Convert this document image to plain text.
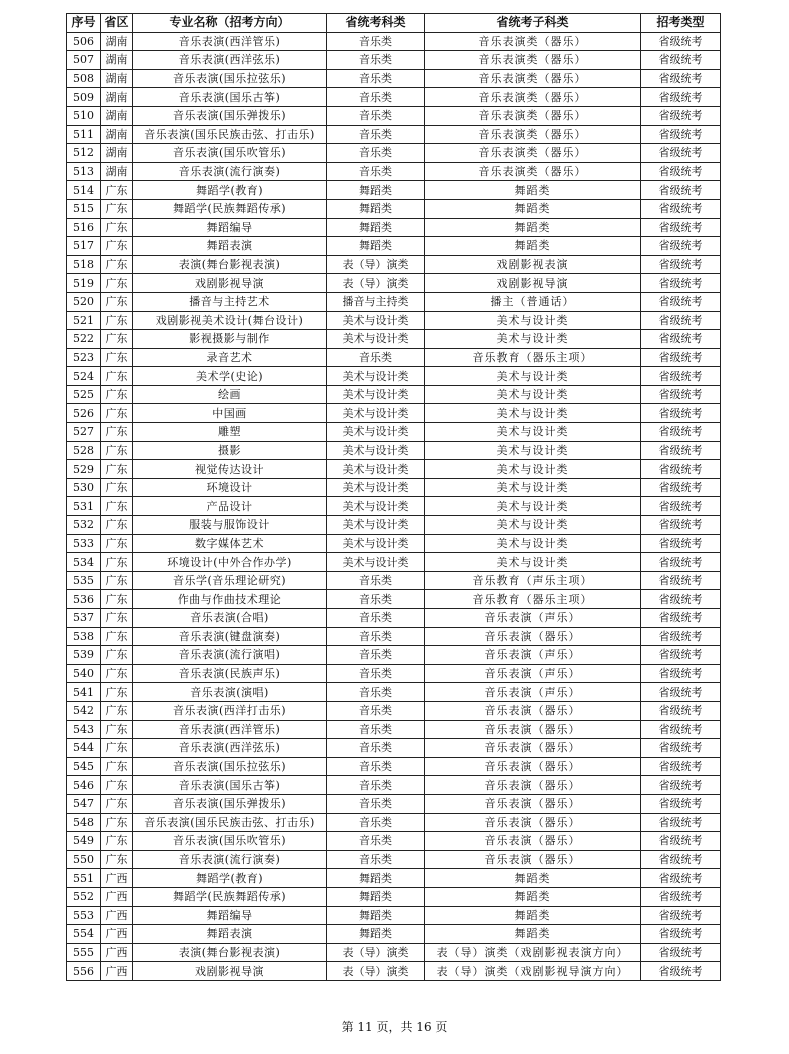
序号	省区	专业名称（招考方向）	省统考科类	省统考子科类	招考类型
506	湖南	音乐表演(西洋管乐)	音乐类	音乐表演类（器乐）	省级统考
507	湖南	音乐表演(西洋弦乐)	音乐类	音乐表演类（器乐）	省级统考
508	湖南	音乐表演(国乐拉弦乐)	音乐类	音乐表演类（器乐）	省级统考
509	湖南	音乐表演(国乐古筝)	音乐类	音乐表演类（器乐）	省级统考
510	湖南	音乐表演(国乐弹拨乐)	音乐类	音乐表演类（器乐）	省级统考
511	湖南	音乐表演(国乐民族击弦、打击乐)	音乐类	音乐表演类（器乐）	省级统考
512	湖南	音乐表演(国乐吹管乐)	音乐类	音乐表演类（器乐）	省级统考
513	湖南	音乐表演(流行演奏)	音乐类	音乐表演类（器乐）	省级统考
514	广东	舞蹈学(教育)	舞蹈类	舞蹈类	省级统考
515	广东	舞蹈学(民族舞蹈传承)	舞蹈类	舞蹈类	省级统考
516	广东	舞蹈编导	舞蹈类	舞蹈类	省级统考
517	广东	舞蹈表演	舞蹈类	舞蹈类	省级统考
518	广东	表演(舞台影视表演)	表（导）演类	戏剧影视表演	省级统考
519	广东	戏剧影视导演	表（导）演类	戏剧影视导演	省级统考
520	广东	播音与主持艺术	播音与主持类	播主（普通话）	省级统考
521	广东	戏剧影视美术设计(舞台设计)	美术与设计类	美术与设计类	省级统考
522	广东	影视摄影与制作	美术与设计类	美术与设计类	省级统考
523	广东	录音艺术	音乐类	音乐教育（器乐主项）	省级统考
524	广东	美术学(史论)	美术与设计类	美术与设计类	省级统考
525	广东	绘画	美术与设计类	美术与设计类	省级统考
526	广东	中国画	美术与设计类	美术与设计类	省级统考
527	广东	雕塑	美术与设计类	美术与设计类	省级统考
528	广东	摄影	美术与设计类	美术与设计类	省级统考
529	广东	视觉传达设计	美术与设计类	美术与设计类	省级统考
530	广东	环境设计	美术与设计类	美术与设计类	省级统考
531	广东	产品设计	美术与设计类	美术与设计类	省级统考
532	广东	服装与服饰设计	美术与设计类	美术与设计类	省级统考
533	广东	数字媒体艺术	美术与设计类	美术与设计类	省级统考
534	广东	环境设计(中外合作办学)	美术与设计类	美术与设计类	省级统考
535	广东	音乐学(音乐理论研究)	音乐类	音乐教育（声乐主项）	省级统考
536	广东	作曲与作曲技术理论	音乐类	音乐教育（器乐主项）	省级统考
537	广东	音乐表演(合唱)	音乐类	音乐表演（声乐）	省级统考
538	广东	音乐表演(键盘演奏)	音乐类	音乐表演（器乐）	省级统考
539	广东	音乐表演(流行演唱)	音乐类	音乐表演（声乐）	省级统考
540	广东	音乐表演(民族声乐)	音乐类	音乐表演（声乐）	省级统考
541	广东	音乐表演(演唱)	音乐类	音乐表演（声乐）	省级统考
542	广东	音乐表演(西洋打击乐)	音乐类	音乐表演（器乐）	省级统考
543	广东	音乐表演(西洋管乐)	音乐类	音乐表演（器乐）	省级统考
544	广东	音乐表演(西洋弦乐)	音乐类	音乐表演（器乐）	省级统考
545	广东	音乐表演(国乐拉弦乐)	音乐类	音乐表演（器乐）	省级统考
546	广东	音乐表演(国乐古筝)	音乐类	音乐表演（器乐）	省级统考
547	广东	音乐表演(国乐弹拨乐)	音乐类	音乐表演（器乐）	省级统考
548	广东	音乐表演(国乐民族击弦、打击乐)	音乐类	音乐表演（器乐）	省级统考
549	广东	音乐表演(国乐吹管乐)	音乐类	音乐表演（器乐）	省级统考
550	广东	音乐表演(流行演奏)	音乐类	音乐表演（器乐）	省级统考
551	广西	舞蹈学(教育)	舞蹈类	舞蹈类	省级统考
552	广西	舞蹈学(民族舞蹈传承)	舞蹈类	舞蹈类	省级统考
553	广西	舞蹈编导	舞蹈类	舞蹈类	省级统考
554	广西	舞蹈表演	舞蹈类	舞蹈类	省级统考
555	广西	表演(舞台影视表演)	表（导）演类	表（导）演类（戏剧影视表演方向）	省级统考
556	广西	戏剧影视导演	表（导）演类	表（导）演类（戏剧影视导演方向）	省级统考
第 11 页，共 16 页
